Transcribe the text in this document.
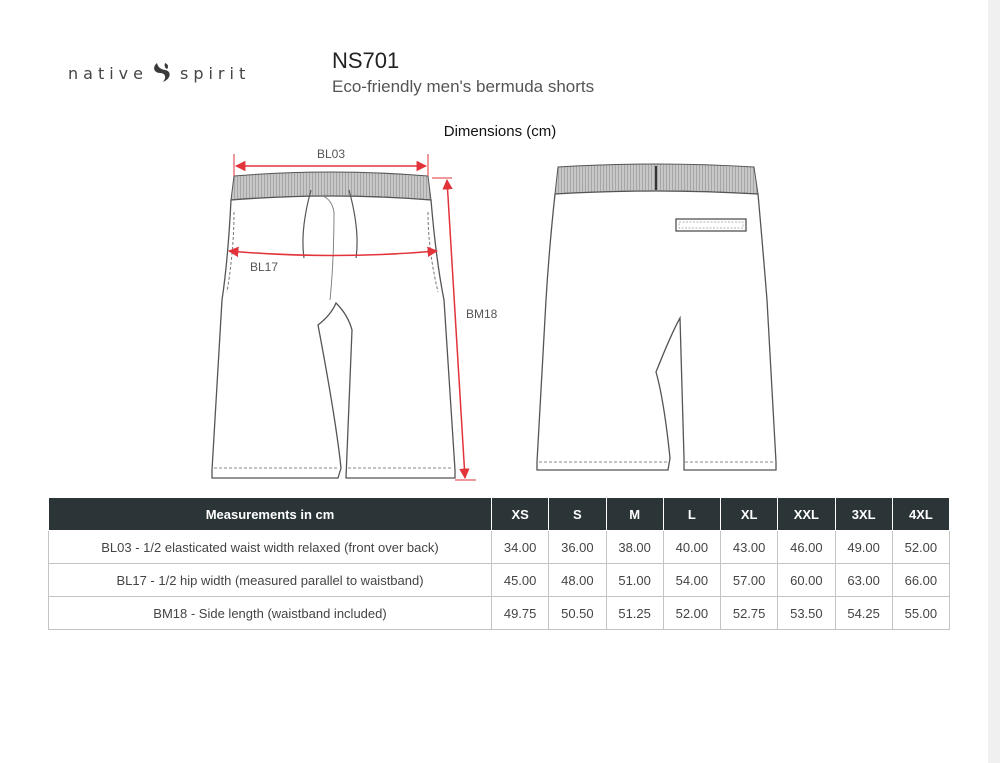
native spirit	NS701
Eco-friendly men's bermuda shorts
Dimensions (cm)
BL03
BL17
BM18
Measurements in cm	XS	S	M	L	XL	XXL	3XL	4XL
BL03 - 1/2 elasticated waist width relaxed (front over back)	34.00	36.00	38.00	40.00	43.00	46.00	49.00	52.00
BL17 - 1/2 hip width (measured parallel to waistband)	45.00	48.00	51.00	54.00	57.00	60.00	63.00	66.00
BM18 - Side length (waistband included)	49.75	50.50	51.25	52.00	52.75	53.50	54.25	55.00
